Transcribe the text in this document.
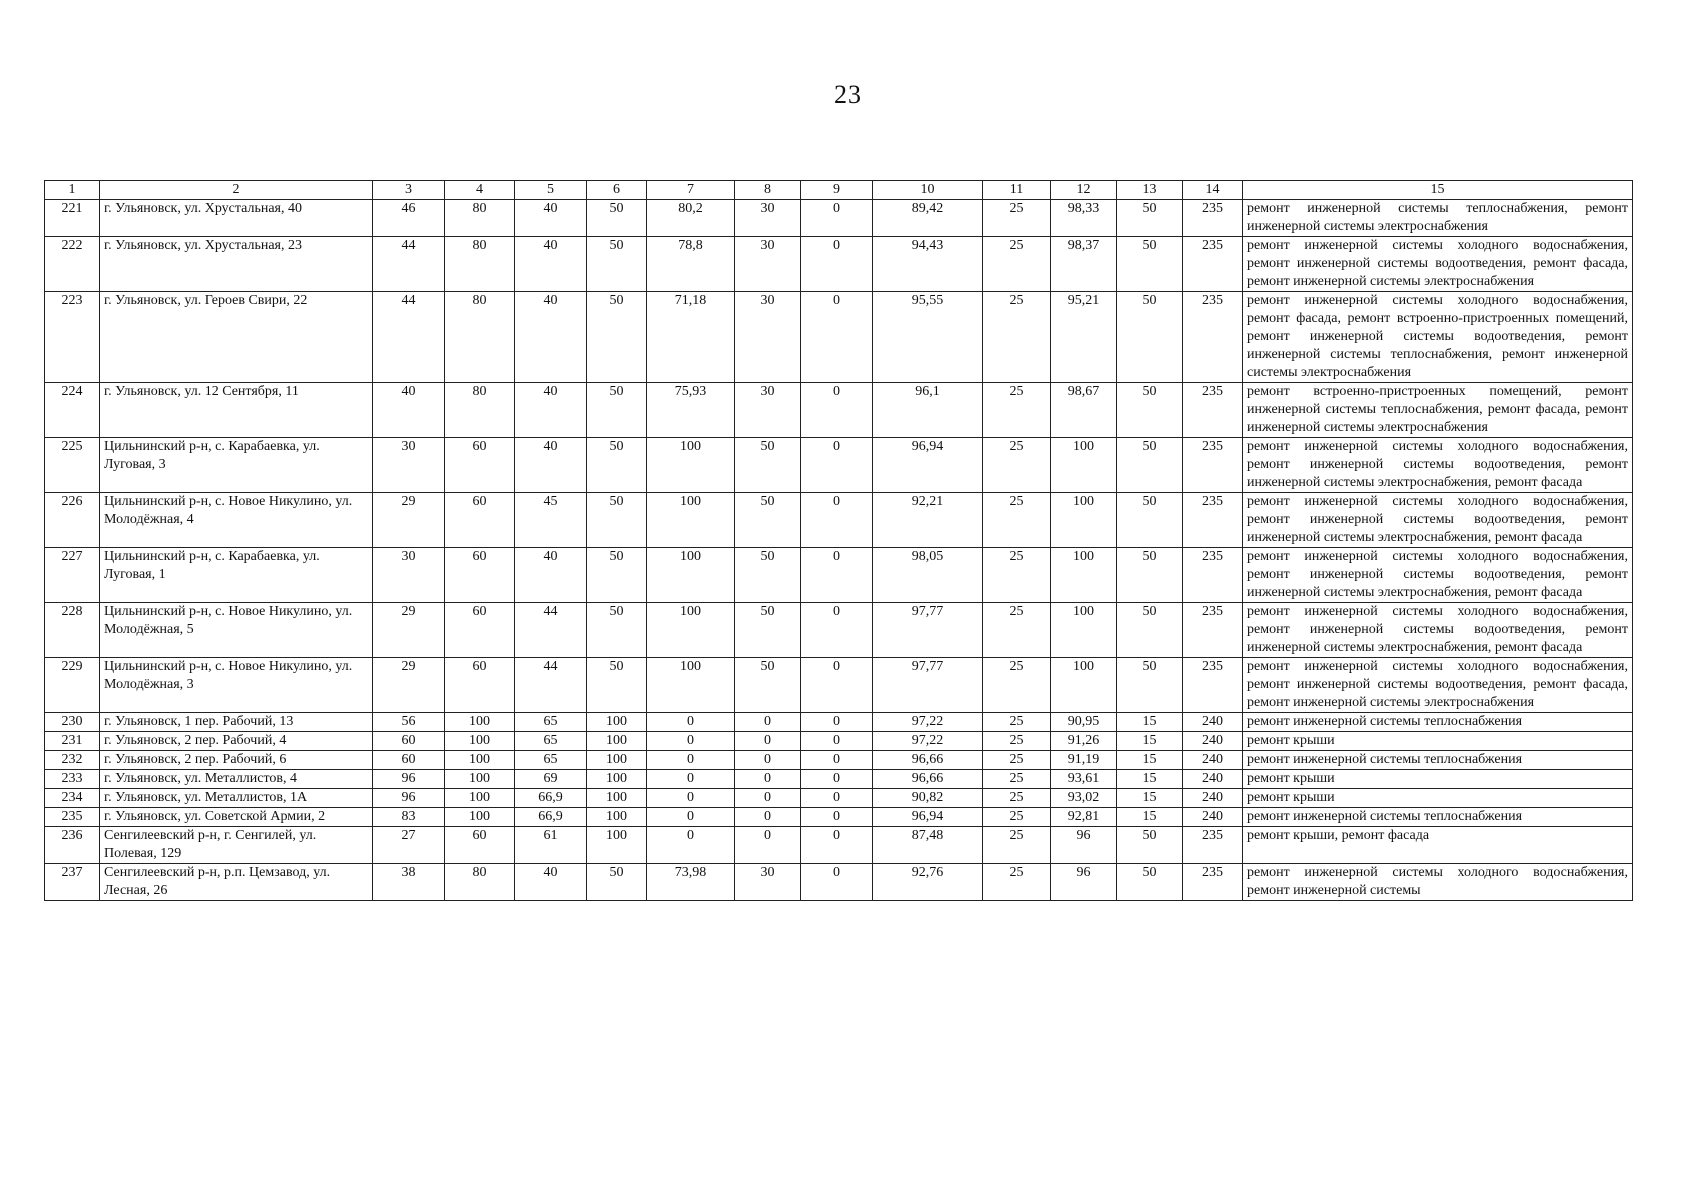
23
1	2	3	4	5	6	7	8	9	10	11	12	13	14	15
221	г. Ульяновск, ул. Хрустальная, 40	46	80	40	50	80,2	30	0	89,42	25	98,33	50	235	ремонт инженерной системы теплоснабжения, ремонт инженерной системы электроснабжения
222	г. Ульяновск, ул. Хрустальная, 23	44	80	40	50	78,8	30	0	94,43	25	98,37	50	235	ремонт инженерной системы холодного водоснабжения, ремонт инженерной системы водоотведения, ремонт фасада, ремонт инженерной системы электроснабжения
223	г. Ульяновск, ул. Героев Свири, 22	44	80	40	50	71,18	30	0	95,55	25	95,21	50	235	ремонт инженерной системы холодного водоснабжения, ремонт фасада, ремонт встроенно-пристроенных помещений, ремонт инженерной системы водоотведения, ремонт инженерной системы теплоснабжения, ремонт инженерной системы электроснабжения
224	г. Ульяновск, ул. 12 Сентября, 11	40	80	40	50	75,93	30	0	96,1	25	98,67	50	235	ремонт встроенно-пристроенных помещений, ремонт инженерной системы теплоснабжения, ремонт фасада, ремонт инженерной системы электроснабжения
225	Цильнинский р-н, с. Карабаевка, ул. Луговая, 3	30	60	40	50	100	50	0	96,94	25	100	50	235	ремонт инженерной системы холодного водоснабжения, ремонт инженерной системы водоотведения, ремонт инженерной системы электроснабжения, ремонт фасада
226	Цильнинский р-н, с. Новое Никулино, ул. Молодёжная, 4	29	60	45	50	100	50	0	92,21	25	100	50	235	ремонт инженерной системы холодного водоснабжения, ремонт инженерной системы водоотведения, ремонт инженерной системы электроснабжения, ремонт фасада
227	Цильнинский р-н, с. Карабаевка, ул. Луговая, 1	30	60	40	50	100	50	0	98,05	25	100	50	235	ремонт инженерной системы холодного водоснабжения, ремонт инженерной системы водоотведения, ремонт инженерной системы электроснабжения, ремонт фасада
228	Цильнинский р-н, с. Новое Никулино, ул. Молодёжная, 5	29	60	44	50	100	50	0	97,77	25	100	50	235	ремонт инженерной системы холодного водоснабжения, ремонт инженерной системы водоотведения, ремонт инженерной системы электроснабжения, ремонт фасада
229	Цильнинский р-н, с. Новое Никулино, ул. Молодёжная, 3	29	60	44	50	100	50	0	97,77	25	100	50	235	ремонт инженерной системы холодного водоснабжения, ремонт инженерной системы водоотведения, ремонт фасада, ремонт инженерной системы электроснабжения
230	г. Ульяновск, 1 пер. Рабочий, 13	56	100	65	100	0	0	0	97,22	25	90,95	15	240	ремонт инженерной системы теплоснабжения
231	г. Ульяновск, 2 пер. Рабочий, 4	60	100	65	100	0	0	0	97,22	25	91,26	15	240	ремонт крыши
232	г. Ульяновск, 2 пер. Рабочий, 6	60	100	65	100	0	0	0	96,66	25	91,19	15	240	ремонт инженерной системы теплоснабжения
233	г. Ульяновск, ул. Металлистов, 4	96	100	69	100	0	0	0	96,66	25	93,61	15	240	ремонт крыши
234	г. Ульяновск, ул. Металлистов, 1А	96	100	66,9	100	0	0	0	90,82	25	93,02	15	240	ремонт крыши
235	г. Ульяновск, ул. Советской Армии, 2	83	100	66,9	100	0	0	0	96,94	25	92,81	15	240	ремонт инженерной системы теплоснабжения
236	Сенгилеевский р-н, г. Сенгилей, ул. Полевая, 129	27	60	61	100	0	0	0	87,48	25	96	50	235	ремонт крыши, ремонт фасада
237	Сенгилеевский р-н, р.п. Цемзавод, ул. Лесная, 26	38	80	40	50	73,98	30	0	92,76	25	96	50	235	ремонт инженерной системы холодного водоснабжения, ремонт инженерной системы
